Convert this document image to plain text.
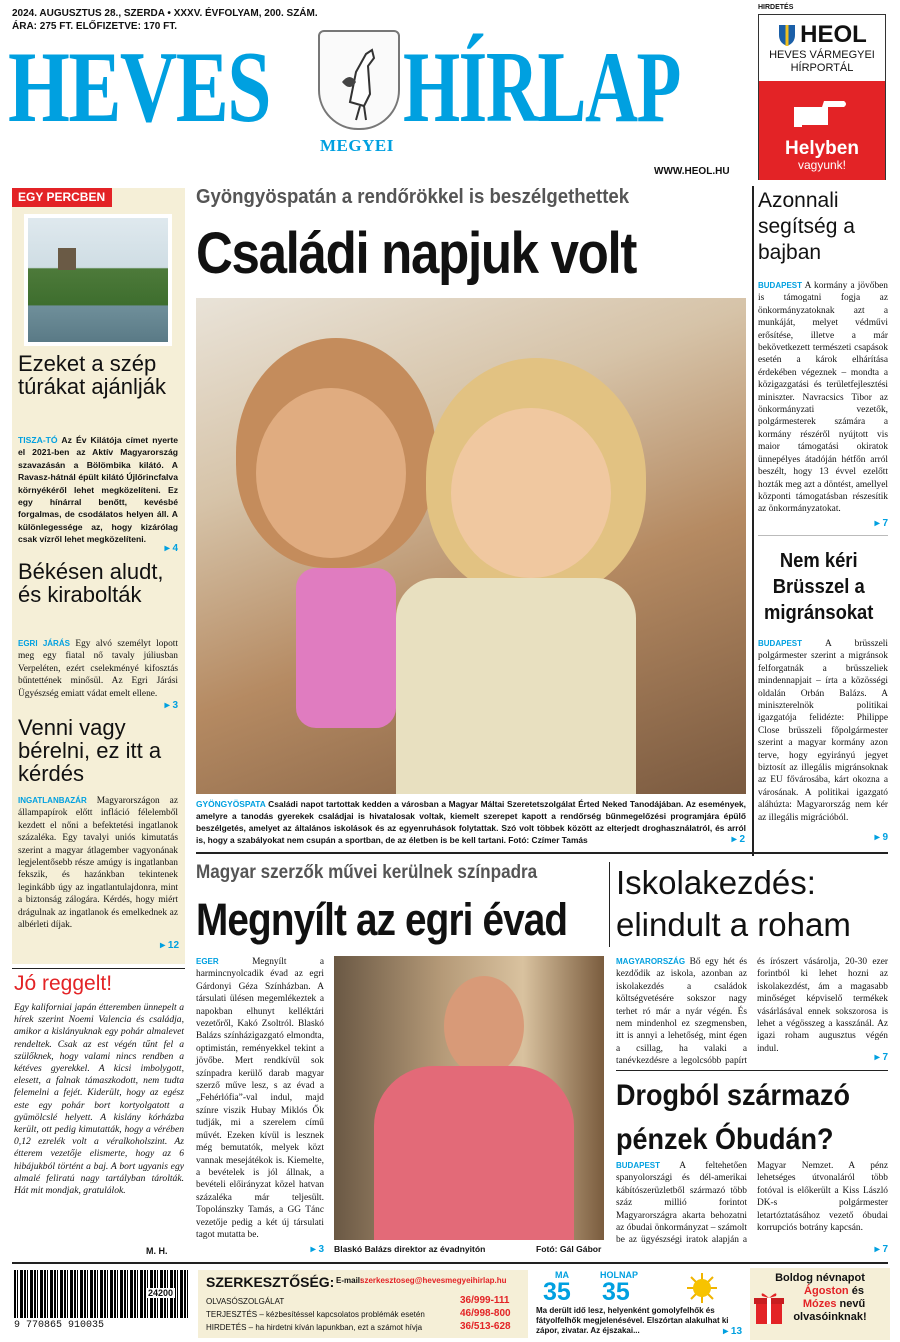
2024. AUGUSZTUS 28., SZERDA • XXXV. ÉVFOLYAM, 200. SZÁM.
ÁRA: 275 FT. ELŐFIZETVE: 170 FT.
HEVES HÍRLAP
MEGYEI
WWW.HEOL.HU
HIRDETÉS
HEOL
HEVES VÁRMEGYEI
HÍRPORTÁL
Helyben
vagyunk!
EGY PERCBEN
Ezeket a szép túrákat ajánlják
TISZA-TÓ Az Év Kilátója címet nyerte el 2021-ben az Aktív Magyarország szavazásán a Bölömbika kilátó. A Ravasz-hátnál épült kilátó Újlőrincfalva környékéről lehet megközelíteni. Ez egy hínárral benőtt, kevésbé forgalmas, de csodálatos helyen áll. A különlegessége az, hogy kizárólag csak vízről lehet megközelíteni.
▸ 4
Békésen aludt, és kirabolták
EGRI JÁRÁS Egy alvó személyt lopott meg egy fiatal nő tavaly júliusban Verpeléten, ezért cselekményé kifosztás bűntettének minősül. Az Egri Járási Ügyészség emiatt vádat emelt ellene.
▸ 3
Venni vagy bérelni, ez itt a kérdés
INGATLANBAZÁR Magyarországon az állampapírok előtt infláció félelemből kezdett el nőni a befektetési ingatlanok százaléka. Egy tavalyi uniós kimutatás szerint a magyar átlagember vagyonának legjelentősebb része amúgy is ingatlanban fekszik, és hazánkban tekintenek leginkább úgy az ingatlantulajdonra, mint a biztonság zálogára. Kérdés, hogy miért drágulnak az ingatlanok és emelkednek az albérleti díjak.
▸ 12
Gyöngyöspatán a rendőrökkel is beszélgethettek
Családi napjuk volt
GYÖNGYÖSPATA Családi napot tartottak kedden a városban a Magyar Máltai Szeretetszolgálat Érted Neked Tanodájában. Az események, amelyre a tanodás gyerekek családjai is hivatalosak voltak, kiemelt szerepet kapott a rendőrség bűnmegelőzési programjára épülő beszélgetés, amelyet az általános iskolások és az egyenruhások folytattak. Szó volt többek között az elterjedt droghasználatról, és arról is, hogy a szabályokat nem csupán a sportban, de az életben is be kell tartani. Fotó: Czímer Tamás	▸ 2
Azonnali segítség a bajban
BUDAPEST A kormány a jövőben is támogatni fogja az önkormányzatoknak azt a munkáját, melyet védművi erősítése, illetve a már bekövetkezett természeti csapások esetén a károk elhárítása érdekében végeznek – mondta a közigazgatási és területfejlesztési miniszter. Navracsics Tibor az önkormányzati vezetők, polgármesterek számára a kormány részéről nyújtott vis maior támogatási okiratok ünnepélyes átadóján hétfőn arról beszélt, hogy 13 évvel ezelőtt hozták meg azt a döntést, amellyel központi támogatásban részesítik az önkormányzatokat.
▸ 7
Nem kéri Brüsszel a migránsokat
BUDAPEST A brüsszeli polgármester szerint a migránsok felforgatnák a brüsszeliek mindennapjait – írta a közösségi oldalán Orbán Balázs. A miniszterelnök politikai igazgatója felidézte: Philippe Close brüsszeli főpolgármester szerint a magyar kormány azon terve, hogy egyirányú jegyet biztosít az illegális migránsoknak az EU fővárosába, kárt okozna a városának. A politikai igazgató aláhúzta: Magyarország nem kér az illegális migrációból.
▸ 9
Magyar szerzők művei kerülnek színpadra
Megnyílt az egri évad
EGER	Megnyílt a harmincnyolcadik évad az egri Gárdonyi Géza Színházban. A társulati ülésen megemlékeztek a napokban elhunyt kelléktári vezetőről, Kakó Zsoltról. Blaskó Balázs színházigazgató elmondta, optimistán, reményekkel tekint a jövőbe. Mert rendkívül sok színpadra kerülő darab magyar szerző műve lesz, s az évad a „Fehérlófia”-val indul, majd színre viszik Hubay Miklós Ők tudják, mi a szerelem című művét. Ezeken kívül is lesznek még bemutatók, melyek közt vannak mesejátékok is. Kiemelte, a bevételek is jól állnak, a bevételi előirányzat közel hatvan százaléka már teljesült. Topolánszky Tamás, a GG Tánc vezetője pedig a két új társulati tagot mutatta be.
▸ 3 Blaskó Balázs direktor az évadnyitón	Fotó: Gál Gábor
Jó reggelt!
Egy kaliforniai japán étteremben ünnepelt a hírek szerint Noemi Valencia és családja, amikor a kislányuknak egy pohár almalevet rendeltek. Csak az est végén tűnt fel a szülőknek, hogy valami nincs rendben a kétéves gyerekkel. A kicsi imbolygott, elesett, a falnak támaszkodott, nem tudta felemelni a fejét. Kiderült, hogy az egész este egy pohár bort kortyolgatott a gyümölcslé helyett. A kislány kórházba került, ott pedig kimutatták, hogy a vérében 0,12 ezrelék volt a véralkoholszint. Az étterem vezetője elismerte, hogy az 6 hibájukból történt a baj. A bort ugyanis egy almalé feliratú nagy tartályban tárolták. Hát mit mondjak, gratulálok.
M. H.
Iskolakezdés: elindult a roham
MAGYARORSZÁG Bő egy hét és kezdődik az iskola, azonban az iskolakezdés a családok költségvetésére sokszor nagy terhet ró már a nyár végén. És nem mindenhol ez szegmensben, itt is annyi a lehetőség, mint égen a csillag, ha valaki a tanévkezdésre a legolcsóbb papírt és írószert vásárolja, 20-30 ezer forintból ki lehet hozni az iskolakezdést, ám a magasabb minőséget képviselő termékek vásárlásával ennek sokszorosa is lehet a végösszeg a kasszánál. Az igazi roham augusztus végén indul.
▸ 7
Drogból származó pénzek Óbudán?
BUDAPEST A feltehetően spanyolországi és dél-amerikai kábítószerüzletből származó több száz millió forintot Magyarországra akarta behozatni az óbudai önkormányzat – számolt be az ügyészségi iratok alapján a Magyar Nemzet. A pénz lehetséges útvonaláról több fotóval is előkerült a Kiss László DK-s polgármester letartóztatásához vezető óbudai korrupciós botrány kapcsán.
▸ 7
9 770865 910035
24200
SZERKESZTŐSÉG: E-mail:
szerkesztoseg@hevesmegyeihirlap.hu
OLVASÓSZOLGÁLAT	36/999-111
TERJESZTÉS – kézbesítéssel kapcsolatos problémák esetén	46/998-800
HIRDETÉS – ha hirdetni kíván lapunkban, ezt a számot hívja	36/513-628
MA
35
HOLNAP
35
Ma derült idő lesz, helyenként gomolyfelhők és fátyolfelhők megjelenésével. Elszórtan alakulhat ki zápor, zivatar. Az éjszakai...	▸ 13
Boldog névnapot
Ágoston és
Mózes nevű
olvasóinknak!
